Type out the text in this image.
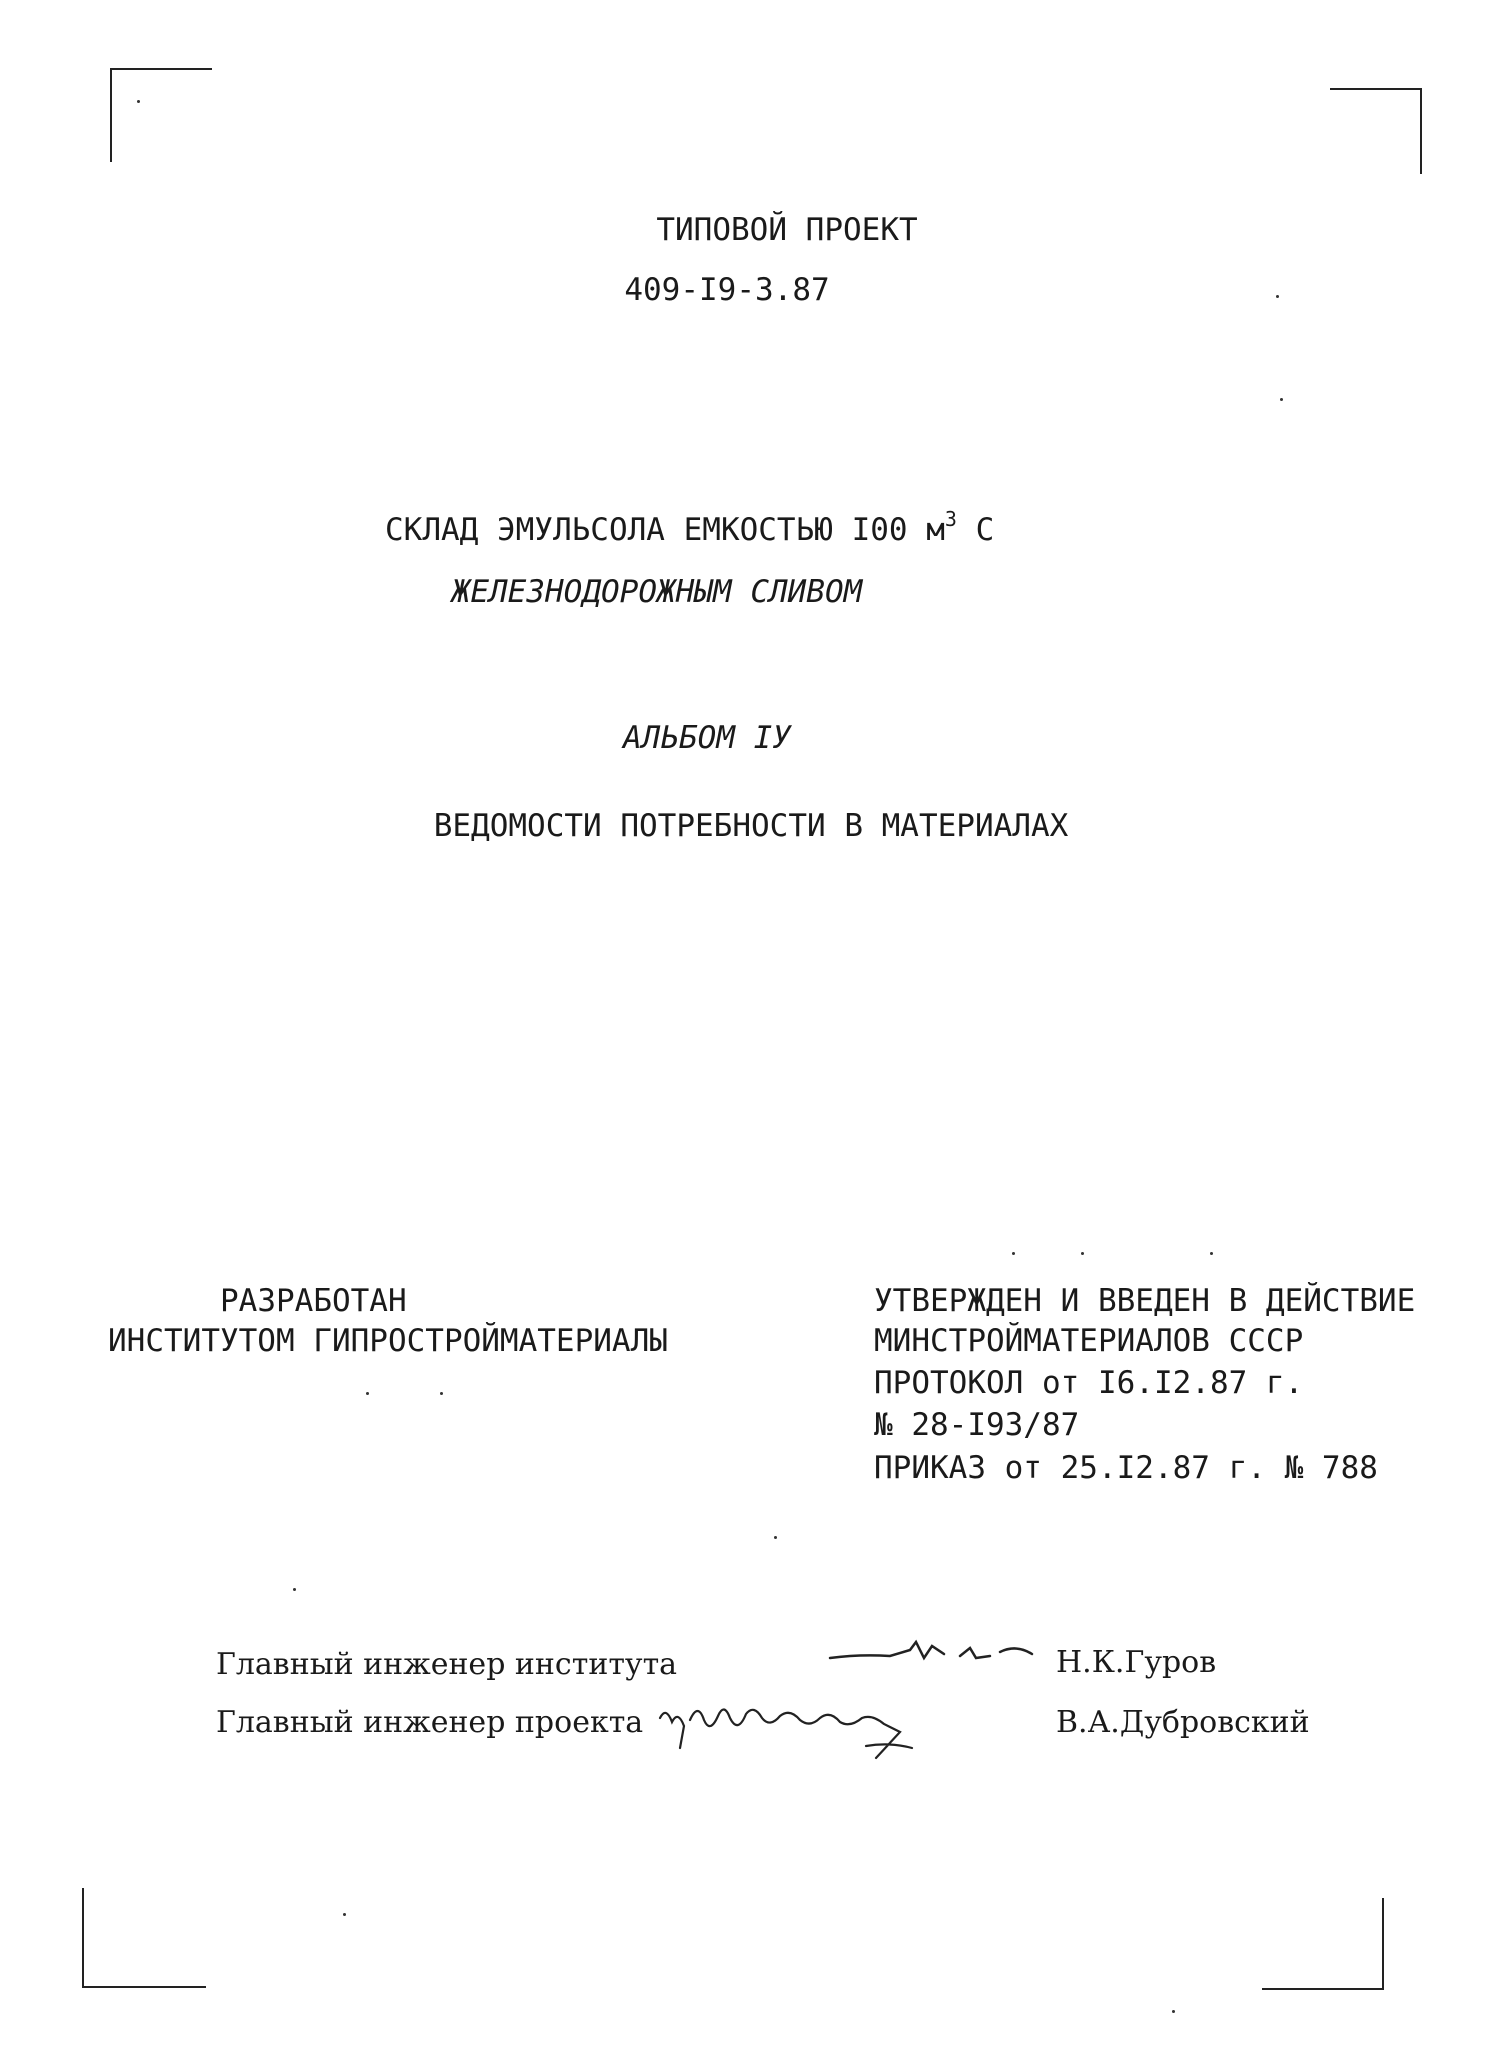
ТИПОВОЙ ПРОЕКТ
409-I9-3.87
СКЛАД ЭМУЛЬСОЛА ЕМКОСТЬЮ I00 $м^3$ С
ЖЕЛЕЗНОДОРОЖНЫМ СЛИВОМ
АЛЬБОМ IУ
ВЕДОМОСТИ ПОТРЕБНОСТИ В МАТЕРИАЛАХ
РАЗРАБОТАН
ИНСТИТУТОМ ГИПРОСТРОЙМАТЕРИАЛЫ
УТВЕРЖДЕН И ВВЕДЕН В ДЕЙСТВИЕ
МИНСТРОЙМАТЕРИАЛОВ СССР
ПРОТОКОЛ от I6.I2.87 г.
№ 28-I93/87
ПРИКАЗ от 25.I2.87 г. № 788
Главный инженер института	Н.К.Гуров
Главный инженер проекта	В.А.Дубровский
